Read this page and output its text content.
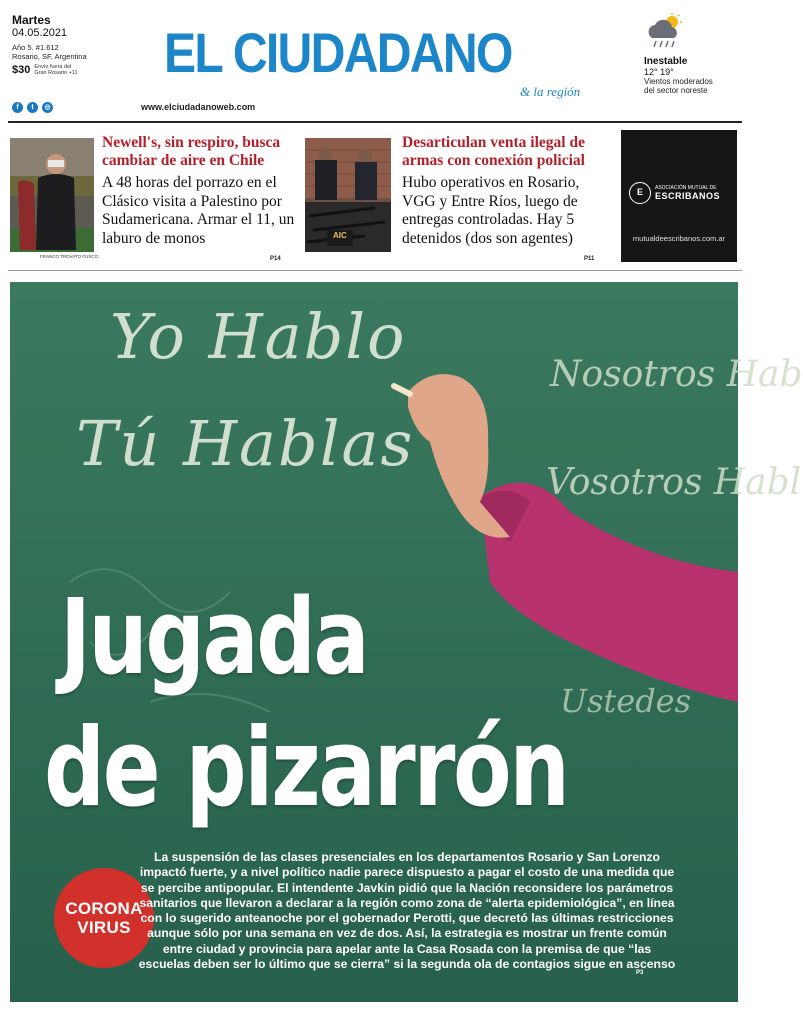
Martes
04.05.2021
Año 5. #1.612
Rosario, SF, Argentina
$30 Envío fuera del
Gran Rosario +11
f	t	◎
EL CIUDADANO
& la región
www.elciudadanoweb.com
Inestable
12° 19°
Vientos moderados
del sector noreste
FRANCO TROVATO FUSCO
Newell's, sin respiro, busca cambiar de aire en Chile
A 48 horas del porrazo en el Clásico visita a Palestino por Sudamericana. Armar el 11, un laburo de monos
P14
AIC
Desarticulan venta ilegal de armas con conexión policial
Hubo operativos en Rosario, VGG y Entre Ríos, luego de entregas controladas. Hay 5 detenidos (dos son agentes)
P11
E	ASOCIACIÓN MUTUAL DE
ESCRIBANOS
mutualdeescribanos.com.ar
Yo Hablo
Tú Hablas
Nosotros Hab
Vosotros Habl
Ustedes
Jugada
de pizarrón
CORONA
VIRUS
La suspensión de las clases presenciales en los departamentos Rosario y San Lorenzo impactó fuerte, y a nivel político nadie parece dispuesto a pagar el costo de una medida que se percibe antipopular. El intendente Javkin pidió que la Nación reconsidere los parámetros sanitarios que llevaron a declarar a la región como zona de “alerta epidemiológica”, en línea con lo sugerido anteanoche por el gobernador Perotti, que decretó las últimas restricciones aunque sólo por una semana en vez de dos. Así, la estrategia es mostrar un frente común entre ciudad y provincia para apelar ante la Casa Rosada con la premisa de que “las escuelas deben ser lo último que se cierra” si la segunda ola de contagios sigue en ascenso
P3
